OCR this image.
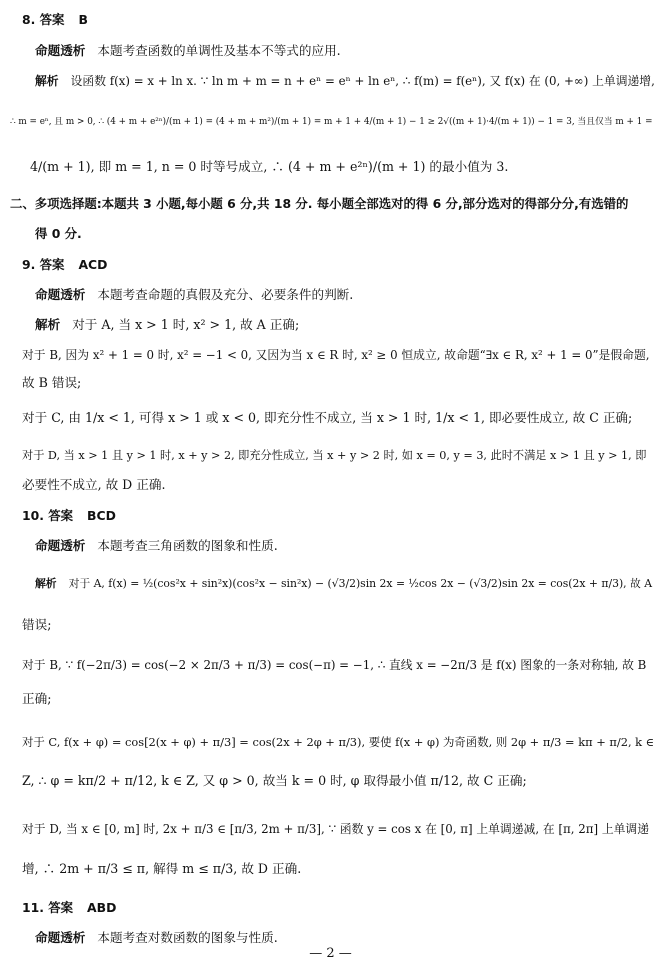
8. 答案 B
命题透析 本题考查函数的单调性及基本不等式的应用.
解析 设函数 f(x) = x + ln x. ∵ ln m + m = n + eⁿ = eⁿ + ln eⁿ, ∴ f(m) = f(eⁿ), 又 f(x) 在 (0, +∞) 上单调递增,
∴ m = eⁿ, 且 m > 0, ∴ (4 + m + e²ⁿ)/(m + 1) = (4 + m + m²)/(m + 1) = m + 1 + 4/(m + 1) − 1 ≥ 2√((m + 1)·4/(m + 1)) − 1 = 3, 当且仅当 m + 1 =
4/(m + 1), 即 m = 1, n = 0 时等号成立, ∴ (4 + m + e²ⁿ)/(m + 1) 的最小值为 3.
二、多项选择题:本题共 3 小题,每小题 6 分,共 18 分. 每小题全部选对的得 6 分,部分选对的得部分分,有选错的
得 0 分.
9. 答案 ACD
命题透析 本题考查命题的真假及充分、必要条件的判断.
解析 对于 A, 当 x > 1 时, x² > 1, 故 A 正确;
对于 B, 因为 x² + 1 = 0 时, x² = −1 < 0, 又因为当 x ∈ R 时, x² ≥ 0 恒成立, 故命题“∃x ∈ R, x² + 1 = 0”是假命题,
故 B 错误;
对于 C, 由 1/x < 1, 可得 x > 1 或 x < 0, 即充分性不成立, 当 x > 1 时, 1/x < 1, 即必要性成立, 故 C 正确;
对于 D, 当 x > 1 且 y > 1 时, x + y > 2, 即充分性成立, 当 x + y > 2 时, 如 x = 0, y = 3, 此时不满足 x > 1 且 y > 1, 即
必要性不成立, 故 D 正确.
10. 答案 BCD
命题透析 本题考查三角函数的图象和性质.
解析 对于 A, f(x) = ½(cos²x + sin²x)(cos²x − sin²x) − (√3/2)sin 2x = ½cos 2x − (√3/2)sin 2x = cos(2x + π/3), 故 A
错误;
对于 B, ∵ f(−2π/3) = cos(−2 × 2π/3 + π/3) = cos(−π) = −1, ∴ 直线 x = −2π/3 是 f(x) 图象的一条对称轴, 故 B
正确;
对于 C, f(x + φ) = cos[2(x + φ) + π/3] = cos(2x + 2φ + π/3), 要使 f(x + φ) 为奇函数, 则 2φ + π/3 = kπ + π/2, k ∈
Z, ∴ φ = kπ/2 + π/12, k ∈ Z, 又 φ > 0, 故当 k = 0 时, φ 取得最小值 π/12, 故 C 正确;
对于 D, 当 x ∈ [0, m] 时, 2x + π/3 ∈ [π/3, 2m + π/3], ∵ 函数 y = cos x 在 [0, π] 上单调递减, 在 [π, 2π] 上单调递
增, ∴ 2m + π/3 ≤ π, 解得 m ≤ π/3, 故 D 正确.
11. 答案 ABD
命题透析 本题考查对数函数的图象与性质.
— 2 —
